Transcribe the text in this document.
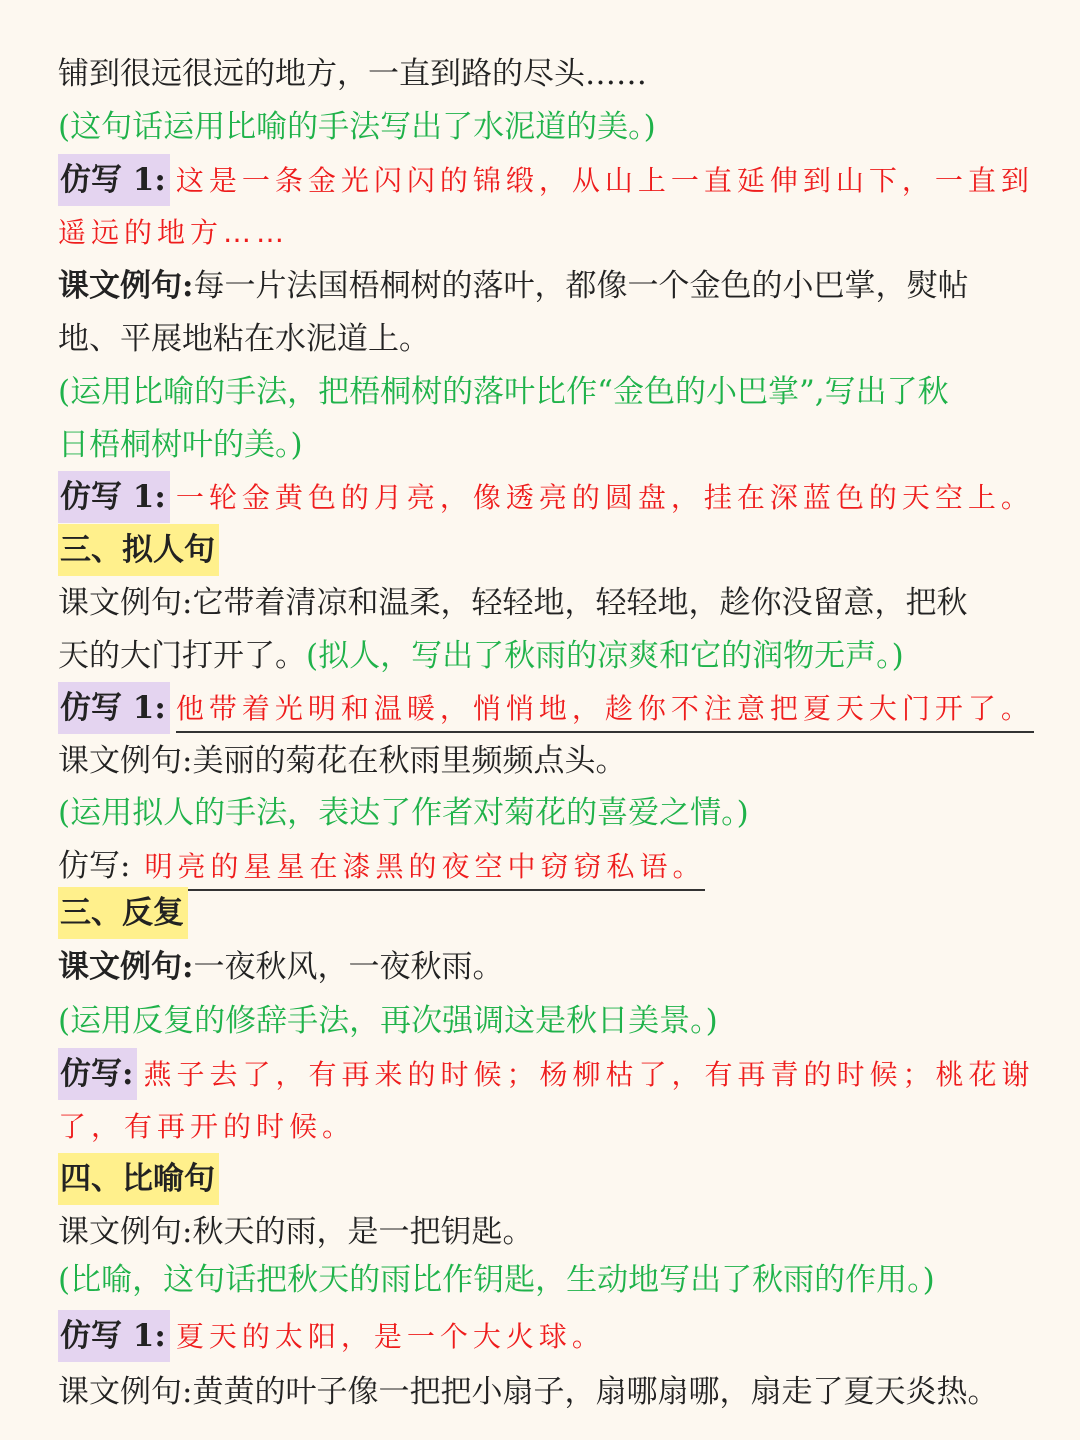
铺到很远很远的地方，一直到路的尽头……
(这句话运用比喻的手法写出了水泥道的美。)
仿写 1: 这是一条金光闪闪的锦缎，从山上一直延伸到山下，一直到
遥远的地方……
课文例句:每一片法国梧桐树的落叶，都像一个金色的小巴掌，熨帖
地、平展地粘在水泥道上。
(运用比喻的手法，把梧桐树的落叶比作“金色的小巴掌”,写出了秋
日梧桐树叶的美。)
仿写 1: 一轮金黄色的月亮，像透亮的圆盘，挂在深蓝色的天空上。
三、拟人句
课文例句:它带着清凉和温柔，轻轻地，轻轻地，趁你没留意，把秋
天的大门打开了。(拟人，写出了秋雨的凉爽和它的润物无声。)
仿写 1: 他带着光明和温暖，悄悄地，趁你不注意把夏天大门开了。
课文例句:美丽的菊花在秋雨里频频点头。
(运用拟人的手法，表达了作者对菊花的喜爱之情。)
仿写: 明亮的星星在漆黑的夜空中窃窃私语。
三、反复
课文例句:一夜秋风，一夜秋雨。
(运用反复的修辞手法，再次强调这是秋日美景。)
仿写: 燕子去了，有再来的时候；杨柳枯了，有再青的时候；桃花谢
了，有再开的时候。
四、比喻句
课文例句:秋天的雨，是一把钥匙。
(比喻，这句话把秋天的雨比作钥匙，生动地写出了秋雨的作用。)
仿写 1: 夏天的太阳，是一个大火球。
课文例句:黄黄的叶子像一把把小扇子，扇哪扇哪，扇走了夏天炎热。
